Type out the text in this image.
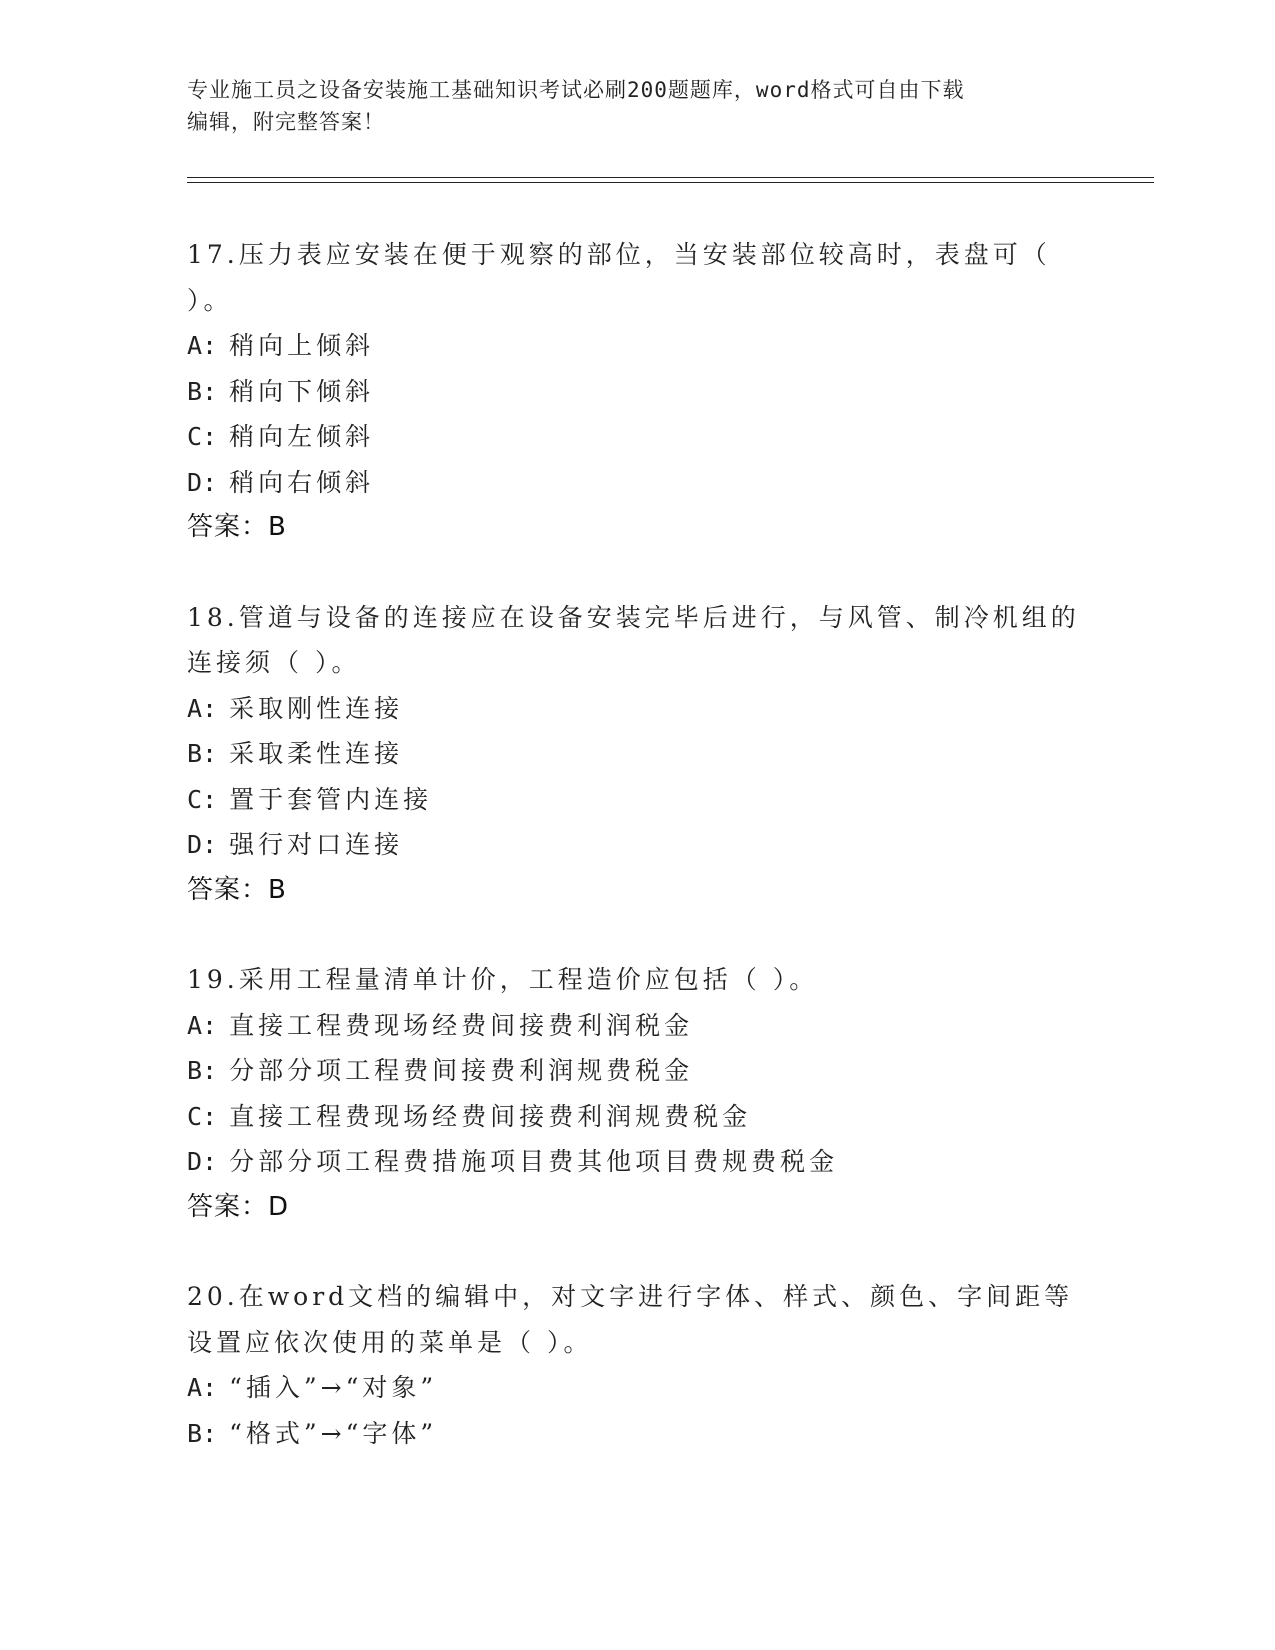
专业施工员之设备安装施工基础知识考试必刷200题题库，word格式可自由下载
编辑，附完整答案！
17.压力表应安装在便于观察的部位，当安装部位较高时，表盘可（
）。
A: 稍向上倾斜
B: 稍向下倾斜
C: 稍向左倾斜
D: 稍向右倾斜
答案：B
18.管道与设备的连接应在设备安装完毕后进行，与风管、制冷机组的
连接须（ ）。
A: 采取刚性连接
B: 采取柔性连接
C: 置于套管内连接
D: 强行对口连接
答案：B
19.采用工程量清单计价，工程造价应包括（ ）。
A: 直接工程费现场经费间接费利润税金
B: 分部分项工程费间接费利润规费税金
C: 直接工程费现场经费间接费利润规费税金
D: 分部分项工程费措施项目费其他项目费规费税金
答案：D
20.在word文档的编辑中，对文字进行字体、样式、颜色、字间距等
设置应依次使用的菜单是（ ）。
A: “插入”→“对象”
B: “格式”→“字体”
